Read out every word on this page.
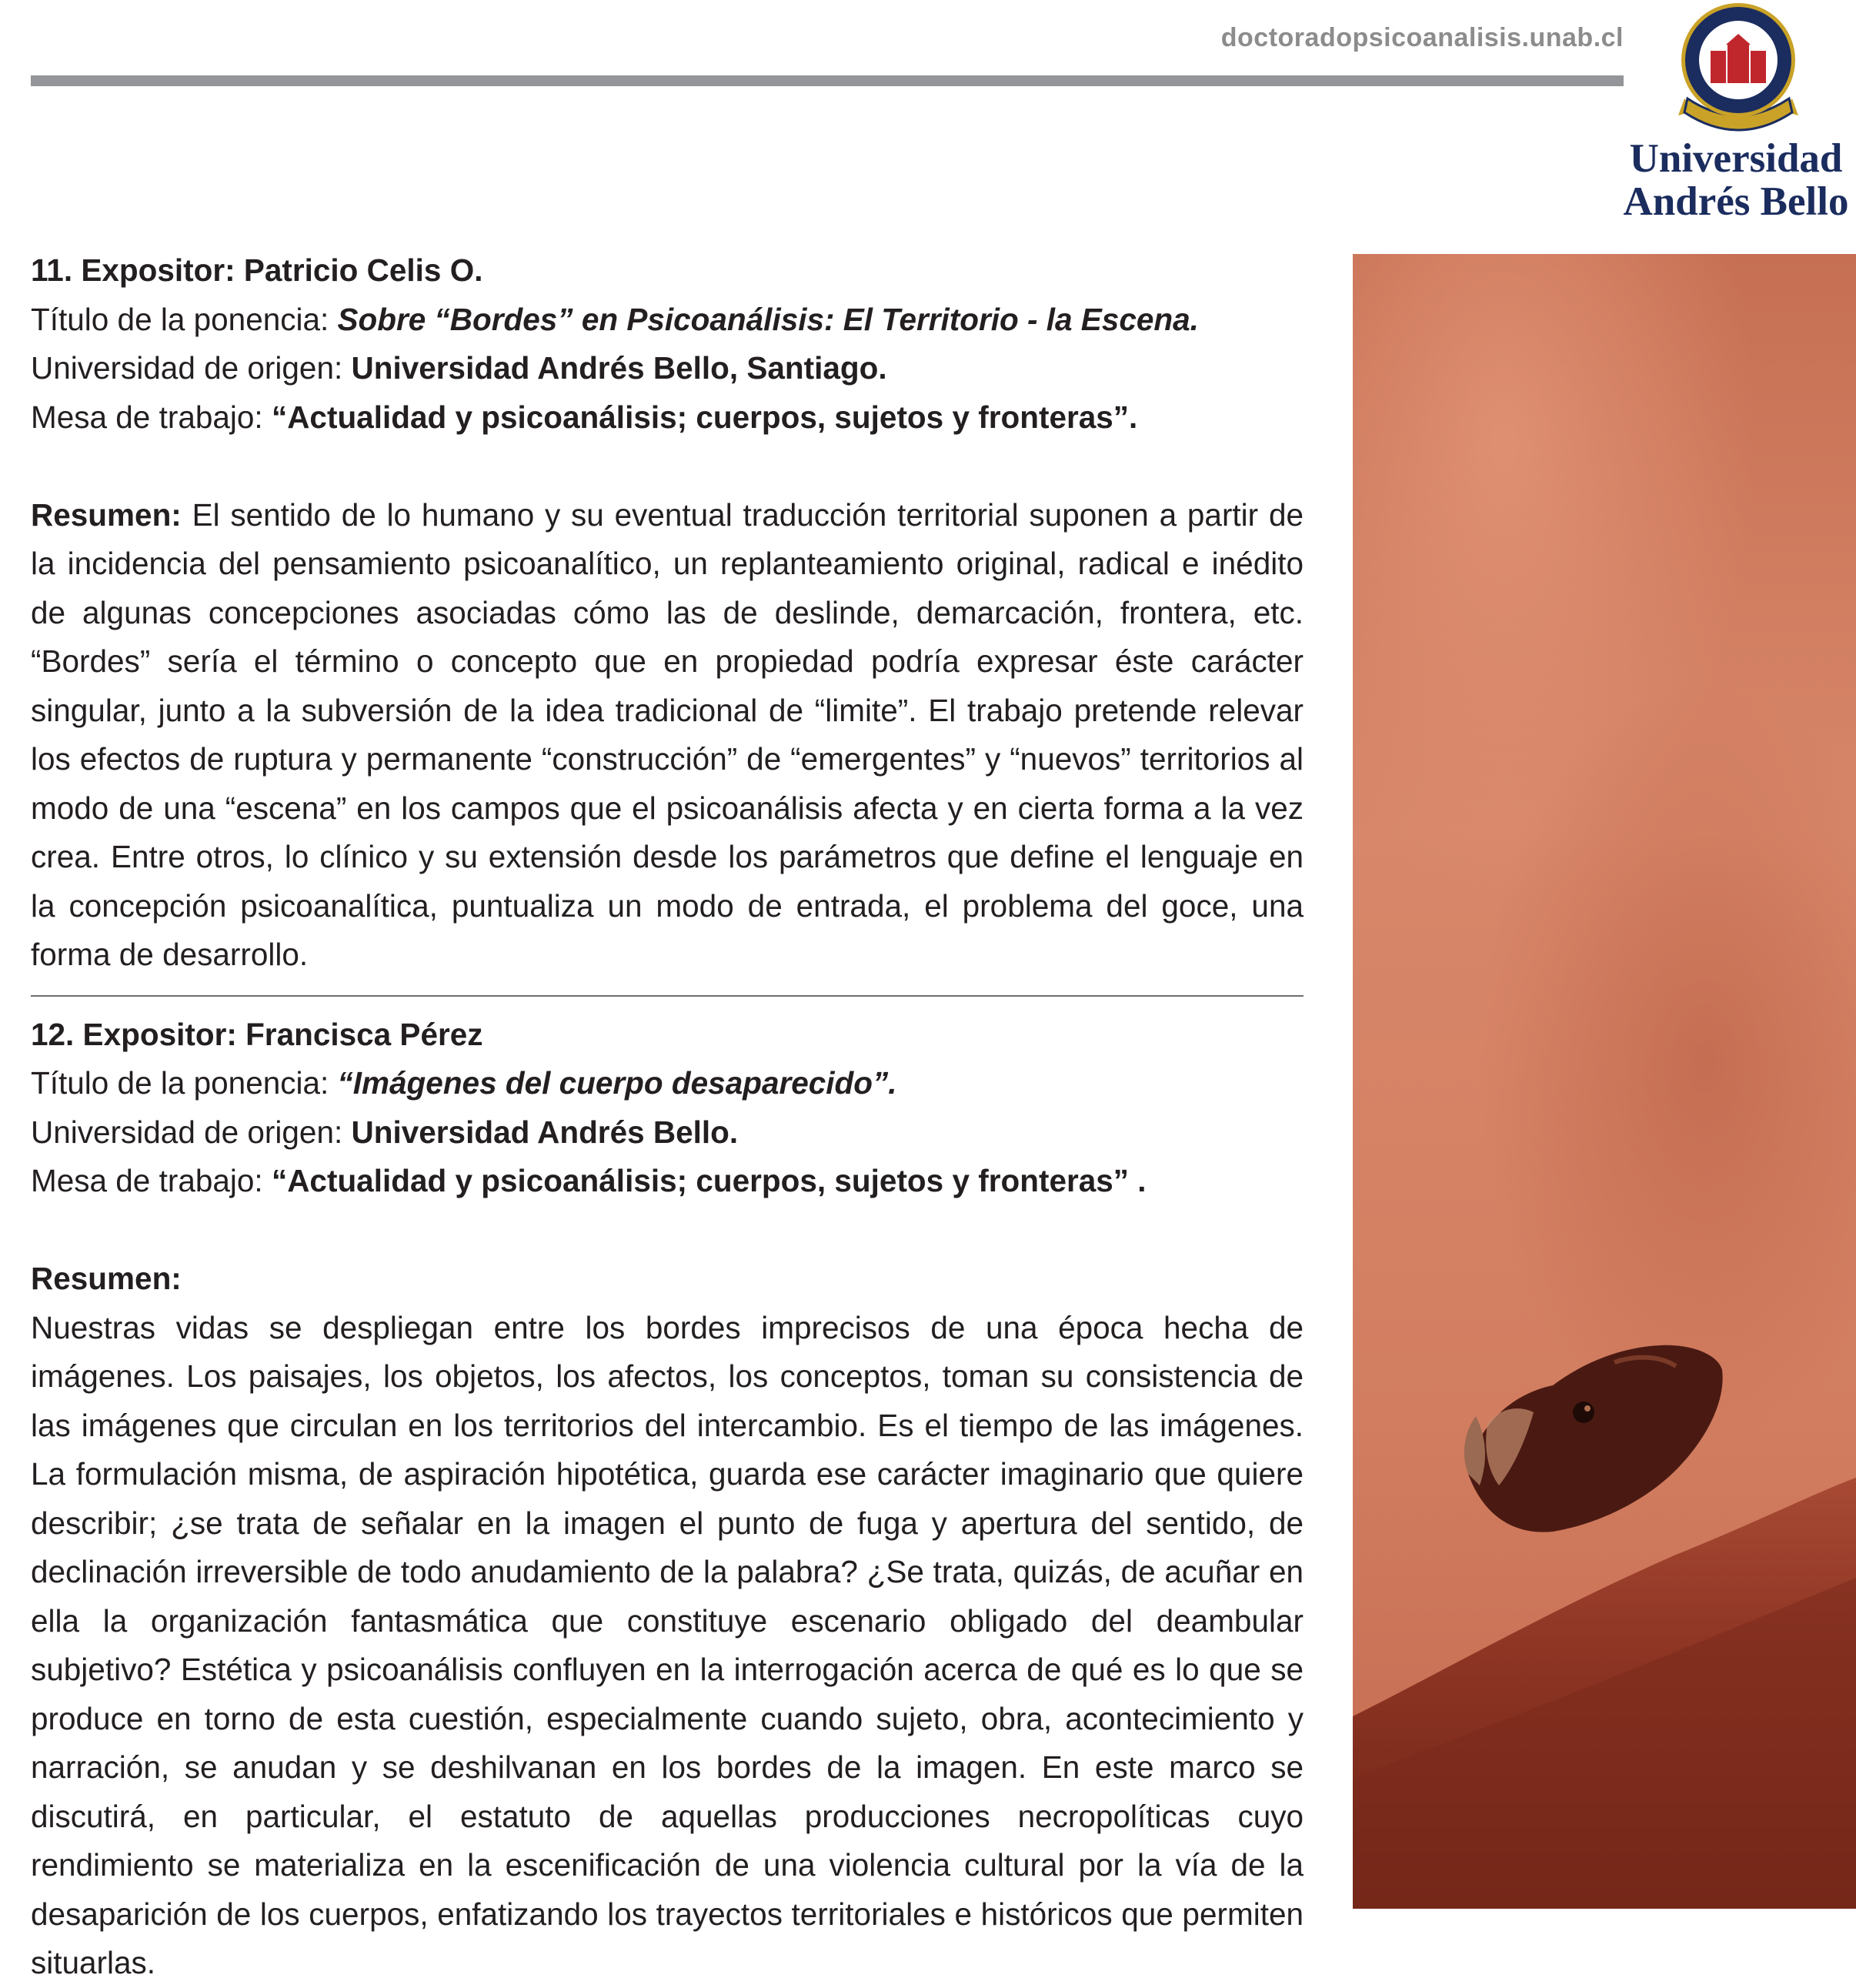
doctoradopsicoanalisis.unab.cl
Universidad
Andrés Bello
11. Expositor: Patricio Celis O.
Título de la ponencia: Sobre “Bordes” en Psicoanálisis: El Territorio - la Escena.
Universidad de origen: Universidad Andrés Bello, Santiago.
Mesa de trabajo: “Actualidad y psicoanálisis; cuerpos, sujetos y fronteras”.
Resumen: El sentido de lo humano y su eventual traducción territorial suponen a partir de la incidencia del pensamiento psicoanalítico, un replanteamiento original, radical e inédito de algunas concepciones asociadas cómo las de deslinde, demarcación, frontera, etc. “Bordes” sería el término o concepto que en propiedad podría expresar éste carácter singular, junto a la subversión de la idea tradicional de “limite”. El trabajo pretende relevar los efectos de ruptura y permanente “construcción” de “emergentes” y “nuevos” territorios al modo de una “escena” en los campos que el psicoanálisis afecta y en cierta forma a la vez crea. Entre otros, lo clínico y su extensión desde los parámetros que define el lenguaje en la concepción psicoanalítica, puntualiza un modo de entrada, el problema del goce, una forma de desarrollo.
12. Expositor: Francisca Pérez
Título de la ponencia: “Imágenes del cuerpo desaparecido”.
Universidad de origen: Universidad Andrés Bello.
Mesa de trabajo: “Actualidad y psicoanálisis; cuerpos, sujetos y fronteras” .
Resumen:
Nuestras vidas se despliegan entre los bordes imprecisos de una época hecha de imágenes. Los paisajes, los objetos, los afectos, los conceptos, toman su consistencia de las imágenes que circulan en los territorios del intercambio. Es el tiempo de las imágenes. La formulación misma, de aspiración hipotética, guarda ese carácter imaginario que quiere describir; ¿se trata de señalar en la imagen el punto de fuga y apertura del sentido, de declinación irreversible de todo anudamiento de la palabra? ¿Se trata, quizás, de acuñar en ella la organización fantasmática que constituye escenario obligado del deambular subjetivo? Estética y psicoanálisis confluyen en la interrogación acerca de qué es lo que se produce en torno de esta cuestión, especialmente cuando sujeto, obra, acontecimiento y narración, se anudan y se deshilvanan en los bordes de la imagen. En este marco se discutirá, en particular, el estatuto de aquellas producciones necropolíticas cuyo rendimiento se materializa en la escenificación de una violencia cultural por la vía de la desaparición de los cuerpos, enfatizando los trayectos territoriales e históricos que permiten situarlas.
